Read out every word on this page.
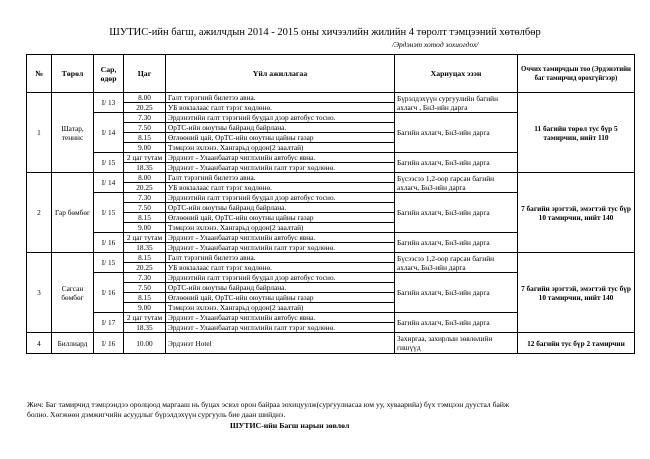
ШУТИС-ийн багш, ажилчдын 2014 - 2015 оны хичээлийн жилийн 4 төролт тэмцээний хөтөлбөр
/Эрдэнэт хотод зохиогдох/
№	Төрөл	Сар, өдөр	Цаг	Үйл ажиллагаа	Хариуцах эзэн	Оччих тамирчдын тоо (Эрдэнэтийн баг тамирчид орохгүйгээр)
1	Шатар, теннис	I/ 13	8.00	Галт тэрэгний билетээ авна.	Бүрэлдэхүүн сургуулийн багийн ахлагч , БнЗ-ийн дарга	11 багийн төрөл тус бүр 5 тамирчин, нийт 110
			20.25	УБ вокзалаас галт тэрэг хөдлөнө.		
		I/ 14	7.30	Эрдэнэтийн галт тэрэгний буудал дээр автобус тосно.	Багийн ахлагч, БнЗ-ийн дарга	
			7.50	ОрТС-ийн оюутны байранд байрлана.		
			8.15	Өглөөний цай, ОрТС-ийн оюутны цайны газар		
			9.00	Тэмцээн эхлэнэ. Хангарьд ордон(2 заалтай)		
		I/ 15	2 цаг тутам	Эрдэнэт - Улаанбаатар чиглэлийн автобус явна.	Багийн ахлагч, БнЗ-ийн дарга	
			18.35	Эрдэнэт - Улаанбаатар чиглэлийн галт тэрэг хөдлөнө.		
2	Гар бөмбөг	I/ 14	8.00	Галт тэрэгний билетээ авна.	Бүсээсээ 1,2-оор гарсан багийн ахлагч, БнЗ-ийн дарга	7 багийн эрэгтэй, эмэгтэй тус бүр 10 тамирчин, нийт 140
			20.25	УБ вокзалаас галт тэрэг хөдлөнө.		
		I/ 15	7.30	Эрдэнэтийн галт тэрэгний буудал дээр автобус тосно.	Багийн ахлагч, БнЗ-ийн дарга	
			7.50	ОрТС-ийн оюутны байранд байрлана.		
			8.15	Өглөөний цай, ОрТС-ийн оюутны цайны газар		
			9.00	Тэмцээн эхлэнэ. Хангарьд ордон(2 заалтай)		
		I/ 16	2 цаг тутам	Эрдэнэт - Улаанбаатар чиглэлийн автобус явна.	Багийн ахлагч, БнЗ-ийн дарга	
			18.35	Эрдэнэт - Улаанбаатар чиглэлийн галт тэрэг хөдлөнө.		
3	Сагсан бөмбөг	I/ 15	8.15	Галт тэрэгний билетээ авна.	Бүсээсээ 1,2-оор гарсан багийн ахлагч, БнЗ-ийн дарга	7 багийн эрэгтэй, эмэгтэй тус бүр 10 тамирчин, нийт 140
			20.25	УБ вокзалаас галт тэрэг хөдлөнө.		
		I/ 16	7.30	Эрдэнэтийн галт тэрэгний буудал дээр автобус тосно.	Багийн ахлагч, БнЗ-ийн дарга	
			7.50	ОрТС-ийн оюутны байранд байрлана.		
			8.15	Өглөөний цай, ОрТС-ийн оюутны цайны газар		
			9.00	Тэмцээн эхлэнэ. Хангарьд ордон(2 заалтай)		
		I/ 17	2 цаг тутам	Эрдэнэт - Улаанбаатар чиглэлийн автобус явна.	Багийн ахлагч, БнЗ-ийн дарга	
			18.35	Эрдэнэт - Улаанбаатар чиглэлийн галт тэрэг хөдлөнө.		
4	Биллиард	I/ 16	10.00	Эрдэнэт Hotel	Захиргаа, захирлын зөвлөлийн гишүүд	12 багийн тус бүр 2 тамирчин
Жич: Баг тамирчид тэмцээндээ оролцоод маргааш нь буцах эсвэл орон байраа зохицуулж(сургуулиасаа юм уу, хуваарийа) бүх тэмцээн дуустал байж
болно. Хөгжөөн дэмжигчийн асуудлыг бүрэлдэхүүн сургууль бие даан шийднэ.
ШУТИС-ийн Багш нарын зөвлөл
